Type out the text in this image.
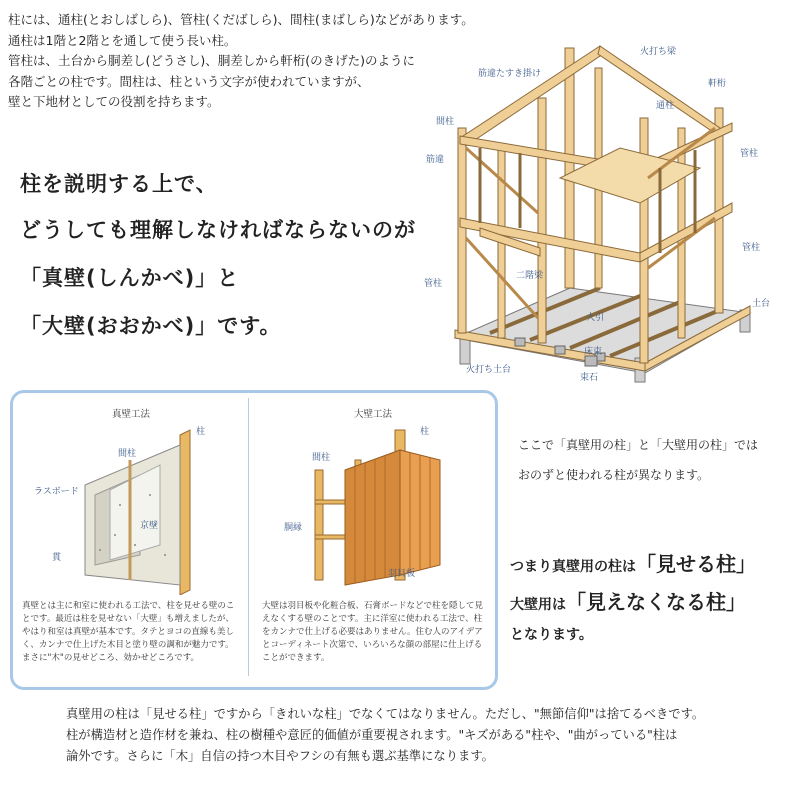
柱には、通柱(とおしばしら)、管柱(くだばしら)、間柱(まばしら)などがあります。
通柱は1階と2階とを通して使う長い柱。
管柱は、土台から胴差し(どうさし)、胴差しから軒桁(のきげた)のように
各階ごとの柱です。間柱は、柱という文字が使われていますが、
壁と下地材としての役割を持ちます。
柱を説明する上で、
どうしても理解しなければならないのが
「真壁(しんかべ)」と
「大壁(おおかべ)」です。
火打ち梁
筋違たすき掛け
軒桁
通柱
間柱
管柱
筋違
管柱
二階梁
管柱
土台
大引
床束
火打ち土台
束石
真壁工法
柱
間柱
ラスボード
京壁
貫
真壁とは主に和室に使われる工法で、柱を見せる壁のことです。最近は柱を見せない「大壁」も増えましたが、やはり和室は真壁が基本です。タテとヨコの直線も美しく、カンナで仕上げた木目と塗り壁の調和が魅力です。まさに"木"の見せどころ、効かせどころです。
大壁工法
柱
間柱
胴縁
羽目板
大壁は羽目板や化粧合板、石膏ボードなどで柱を隠して見えなくする壁のことです。主に洋室に使われる工法で、柱をカンナで仕上げる必要はありません。住む人のアイデアとコーディネート次第で、いろいろな顔の部屋に仕上げることができます。
ここで「真壁用の柱」と「大壁用の柱」では
おのずと使われる柱が異なります。
つまり真壁用の柱は「見せる柱」
大壁用は「見えなくなる柱」
となります。
真壁用の柱は「見せる柱」ですから「きれいな柱」でなくてはなりません。ただし、"無節信仰"は捨てるべきです。
柱が構造材と造作材を兼ね、柱の樹種や意匠的価値が重要視されます。"キズがある"柱や、"曲がっている"柱は
論外です。さらに「木」自信の持つ木目やフシの有無も選ぶ基準になります。
